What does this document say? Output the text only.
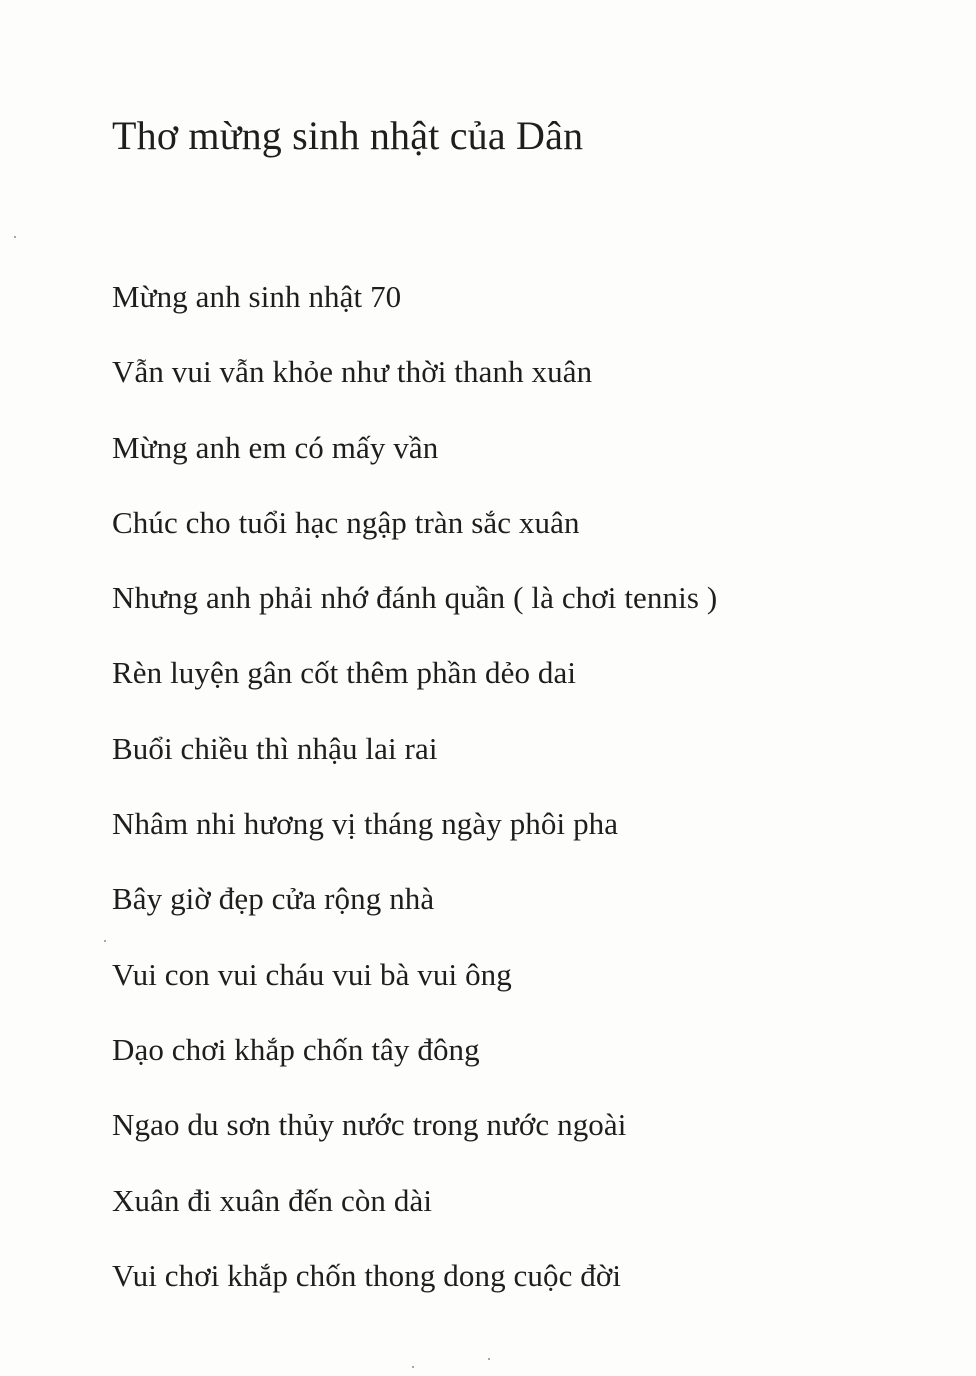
Thơ mừng sinh nhật của Dân
Mừng anh sinh nhật 70
Vẫn vui vẫn khỏe như thời thanh xuân
Mừng anh em có mấy vần
Chúc cho tuổi hạc ngập tràn sắc xuân
Nhưng anh phải nhớ đánh quần ( là chơi tennis )
Rèn luyện gân cốt thêm phần dẻo dai
Buổi chiều thì nhậu lai rai
Nhâm nhi hương vị tháng ngày phôi pha
Bây giờ đẹp cửa rộng nhà
Vui con vui cháu vui bà vui ông
Dạo chơi khắp chốn tây đông
Ngao du sơn thủy nước trong nước ngoài
Xuân đi xuân đến còn dài
Vui chơi khắp chốn thong dong cuộc đời
